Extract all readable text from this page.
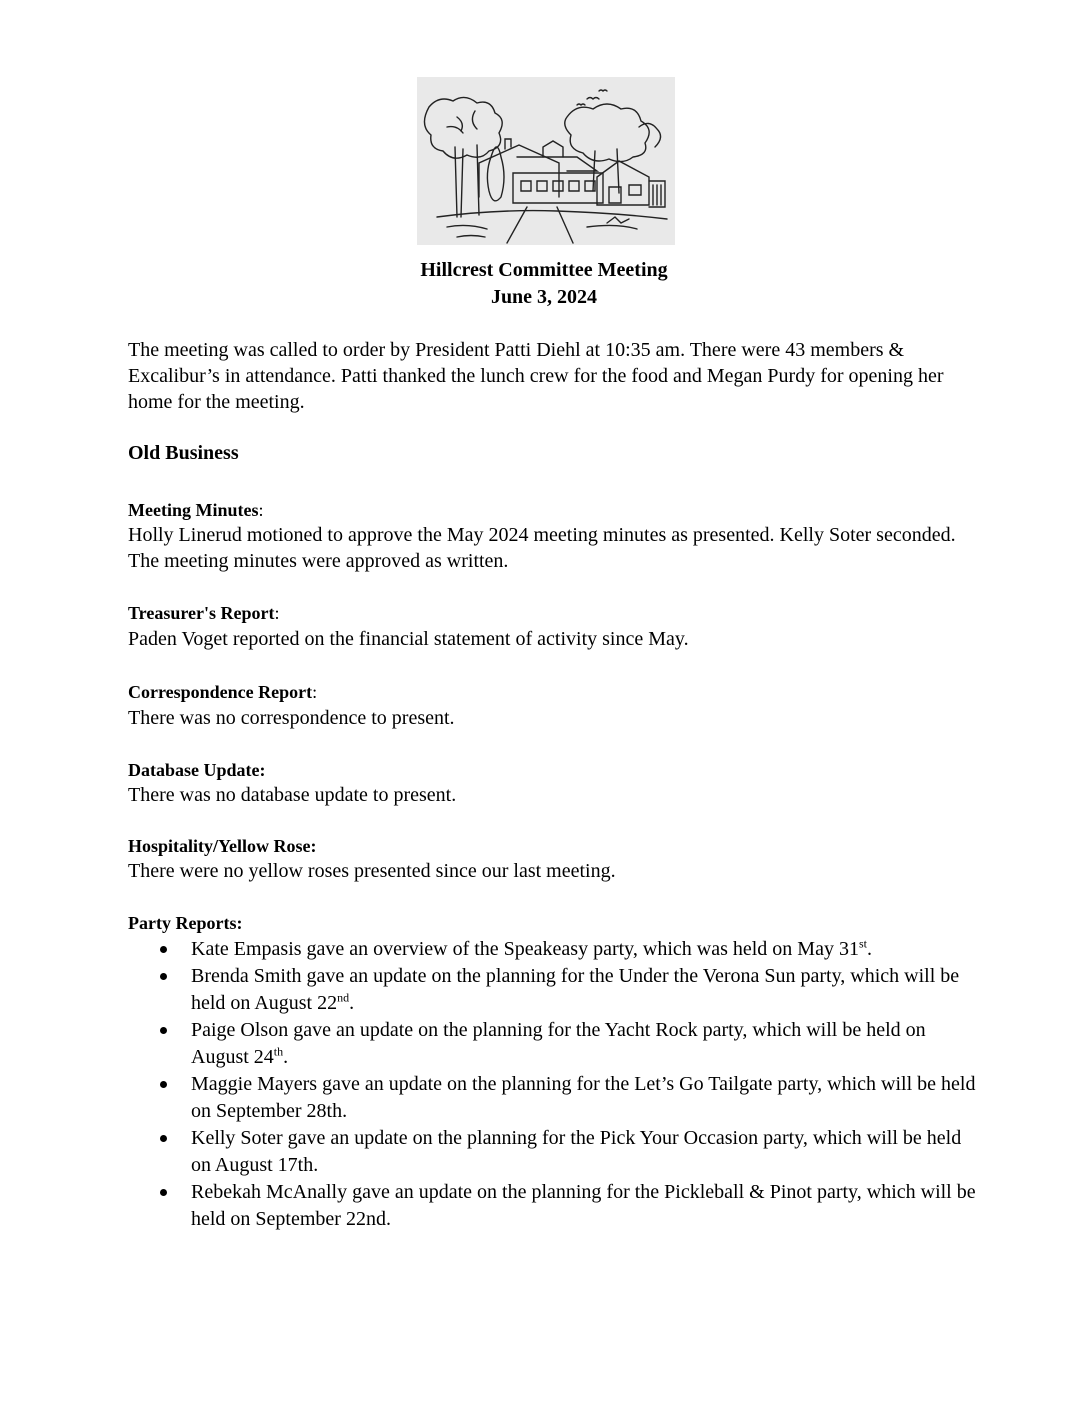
Hillcrest Committee Meeting
June 3, 2024
The meeting was called to order by President Patti Diehl at 10:35 am. There were 43 members & Excalibur’s in attendance. Patti thanked the lunch crew for the food and Megan Purdy for opening her home for the meeting.
Old Business
Meeting Minutes:
Holly Linerud motioned to approve the May 2024 meeting minutes as presented. Kelly Soter seconded. The meeting minutes were approved as written.
Treasurer's Report:
Paden Voget reported on the financial statement of activity since May.
Correspondence Report:
There was no correspondence to present.
Database Update:
There was no database update to present.
Hospitality/Yellow Rose:
There were no yellow roses presented since our last meeting.
Party Reports:
Kate Empasis gave an overview of the Speakeasy party, which was held on May 31st.
Brenda Smith gave an update on the planning for the Under the Verona Sun party, which will be held on August 22nd.
Paige Olson gave an update on the planning for the Yacht Rock party, which will be held on August 24th.
Maggie Mayers gave an update on the planning for the Let’s Go Tailgate party, which will be held on September 28th.
Kelly Soter gave an update on the planning for the Pick Your Occasion party, which will be held on August 17th.
Rebekah McAnally gave an update on the planning for the Pickleball & Pinot party, which will be held on September 22nd.
